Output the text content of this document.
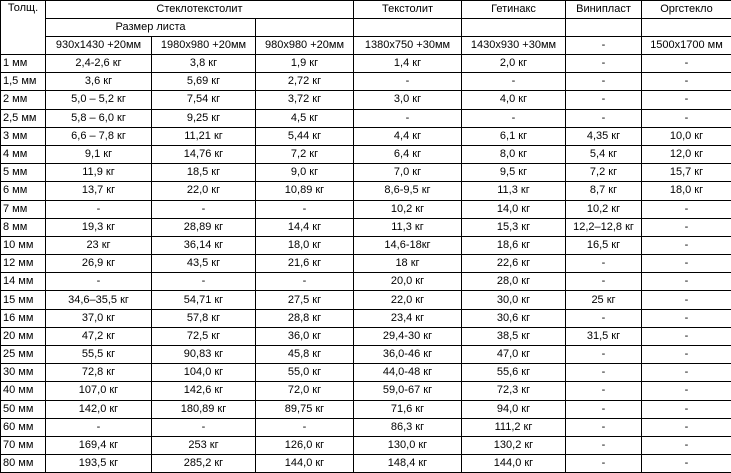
Толщ.	Стеклотекстолит			Текстолит	Гетинакс	Винипласт	Оргстекло
	Размер листа						
	930х1430 +20мм	1980х980 +20мм	980х980 +20мм	1380х750 +30мм	1430х930 +30мм	-	1500х1700 мм
1 мм	2,4-2,6 кг	3,8 кг	1,9 кг	1,4 кг	2,0 кг	-	-
1,5 мм	3,6 кг	5,69 кг	2,72 кг	-	-	-	-
2 мм	5,0 – 5,2 кг	7,54 кг	3,72 кг	3,0 кг	4,0 кг	-	-
2,5 мм	5,8 – 6,0 кг	9,25 кг	4,5 кг	-	-	-	-
3 мм	6,6 – 7,8 кг	11,21 кг	5,44 кг	4,4 кг	6,1 кг	4,35 кг	10,0 кг
4 мм	9,1 кг	14,76 кг	7,2 кг	6,4 кг	8,0 кг	5,4 кг	12,0 кг
5 мм	11,9 кг	18,5 кг	9,0 кг	7,0 кг	9,5 кг	7,2 кг	15,7 кг
6 мм	13,7 кг	22,0 кг	10,89 кг	8,6-9,5 кг	11,3 кг	8,7 кг	18,0 кг
7 мм	-	-	-	10,2 кг	14,0 кг	10,2 кг	-
8 мм	19,3 кг	28,89 кг	14,4 кг	11,3 кг	15,3 кг	12,2–12,8 кг	-
10 мм	23 кг	36,14 кг	18,0 кг	14,6-18кг	18,6 кг	16,5 кг	-
12 мм	26,9 кг	43,5 кг	21,6 кг	18 кг	22,6 кг	-	-
14 мм	-	-	-	20,0 кг	28,0 кг	-	-
15 мм	34,6–35,5 кг	54,71 кг	27,5 кг	22,0 кг	30,0 кг	25 кг	-
16 мм	37,0 кг	57,8 кг	28,8 кг	23,4 кг	30,6 кг	-	-
20 мм	47,2 кг	72,5 кг	36,0 кг	29,4-30 кг	38,5 кг	31,5 кг	-
25 мм	55,5 кг	90,83 кг	45,8 кг	36,0-46 кг	47,0 кг	-	-
30 мм	72,8 кг	104,0 кг	55,0 кг	44,0-48 кг	55,6 кг	-	-
40 мм	107,0 кг	142,6 кг	72,0 кг	59,0-67 кг	72,3 кг	-	-
50 мм	142,0 кг	180,89 кг	89,75 кг	71,6 кг	94,0 кг	-	-
60 мм	-	-	-	86,3 кг	111,2 кг	-	-
70 мм	169,4 кг	253 кг	126,0 кг	130,0 кг	130,2 кг	-	-
80 мм	193,5 кг	285,2 кг	144,0 кг	148,4 кг	144,0 кг	-	-
